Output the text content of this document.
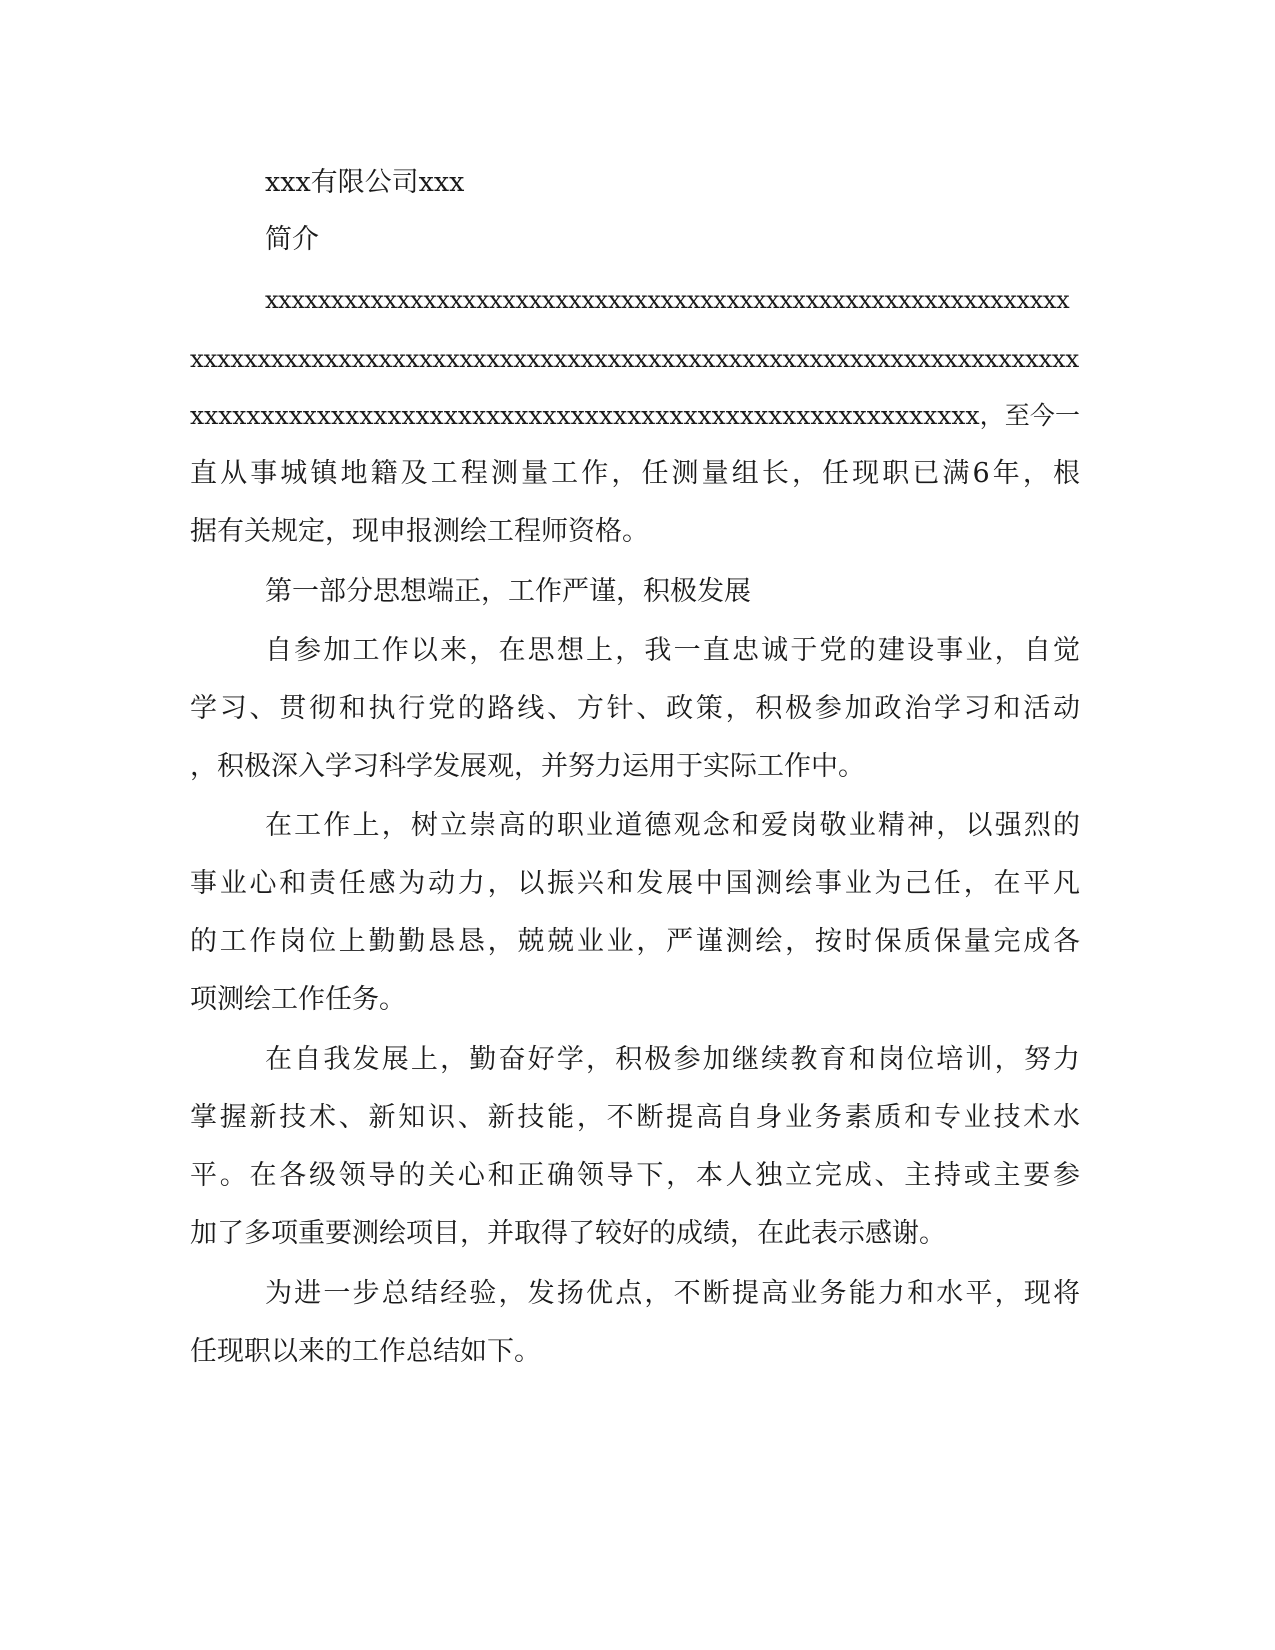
xxx有限公司xxx
简介
xxxxxxxxxxxxxxxxxxxxxxxxxxxxxxxxxxxxxxxxxxxxxxxxxxxxxxxxxxxxx
xxxxxxxxxxxxxxxxxxxxxxxxxxxxxxxxxxxxxxxxxxxxxxxxxxxxxxxxxxxxxxxxxx
xxxxxxxxxxxxxxxxxxxxxxxxxxxxxxxxxxxxxxxxxxxxxxxxxxxxxxxx，至今一
直从事城镇地籍及工程测量工作，任测量组长，任现职已满6年，根
据有关规定，现申报测绘工程师资格。
第一部分思想端正，工作严谨，积极发展
自参加工作以来，在思想上，我一直忠诚于党的建设事业，自觉
学习、贯彻和执行党的路线、方针、政策，积极参加政治学习和活动
，积极深入学习科学发展观，并努力运用于实际工作中。
在工作上，树立崇高的职业道德观念和爱岗敬业精神，以强烈的
事业心和责任感为动力，以振兴和发展中国测绘事业为己任，在平凡
的工作岗位上勤勤恳恳，兢兢业业，严谨测绘，按时保质保量完成各
项测绘工作任务。
在自我发展上，勤奋好学，积极参加继续教育和岗位培训，努力
掌握新技术、新知识、新技能，不断提高自身业务素质和专业技术水
平。在各级领导的关心和正确领导下，本人独立完成、主持或主要参
加了多项重要测绘项目，并取得了较好的成绩，在此表示感谢。
为进一步总结经验，发扬优点，不断提高业务能力和水平，现将
任现职以来的工作总结如下。
